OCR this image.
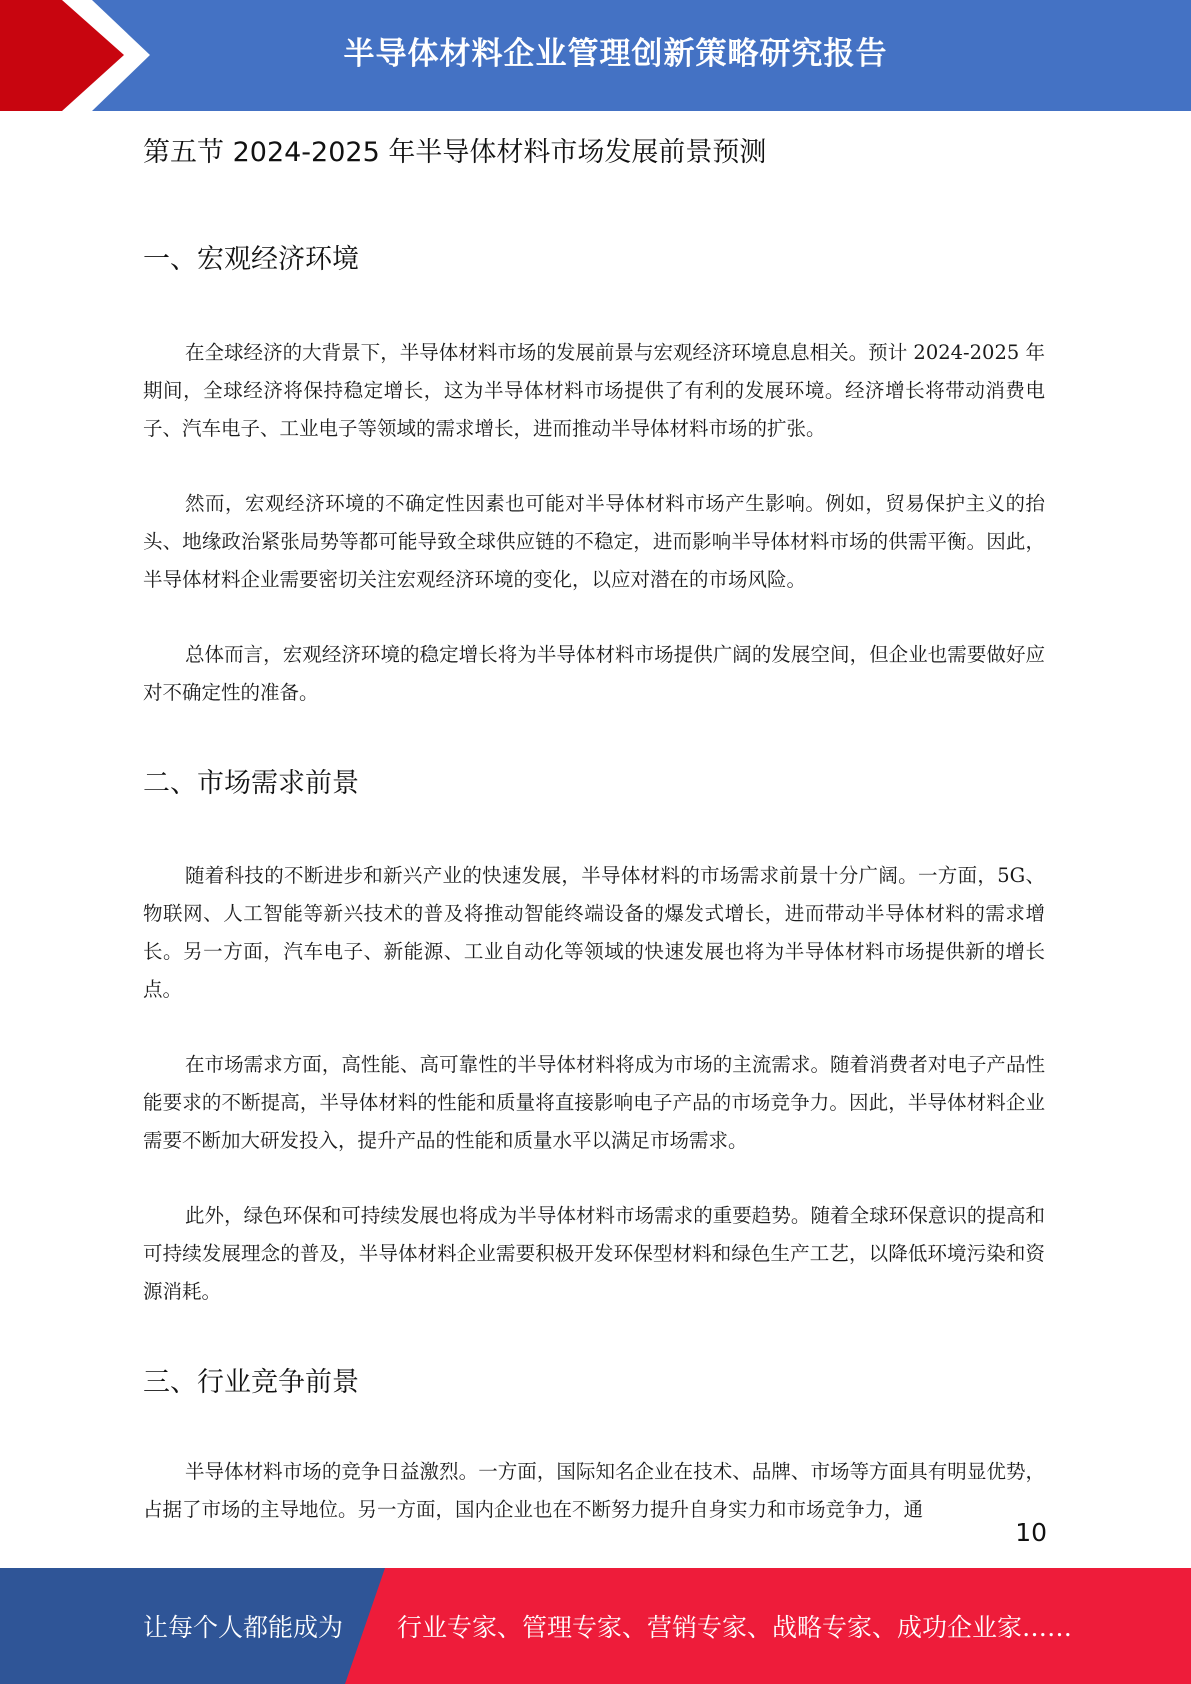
半导体材料企业管理创新策略研究报告
第五节 2024-2025 年半导体材料市场发展前景预测
一、宏观经济环境

在全球经济的大背景下，半导体材料市场的发展前景与宏观经济环境息息相关。预计 2024-2025 年期间，全球经济将保持稳定增长，这为半导体材料市场提供了有利的发展环境。经济增长将带动消费电子、汽车电子、工业电子等领域的需求增长，进而推动半导体材料市场的扩张。

然而，宏观经济环境的不确定性因素也可能对半导体材料市场产生影响。例如，贸易保护主义的抬头、地缘政治紧张局势等都可能导致全球供应链的不稳定，进而影响半导体材料市场的供需平衡。因此，半导体材料企业需要密切关注宏观经济环境的变化，以应对潜在的市场风险。

总体而言，宏观经济环境的稳定增长将为半导体材料市场提供广阔的发展空间，但企业也需要做好应对不确定性的准备。

二、市场需求前景

随着科技的不断进步和新兴产业的快速发展，半导体材料的市场需求前景十分广阔。一方面，5G、物联网、人工智能等新兴技术的普及将推动智能终端设备的爆发式增长，进而带动半导体材料的需求增长。另一方面，汽车电子、新能源、工业自动化等领域的快速发展也将为半导体材料市场提供新的增长点。

在市场需求方面，高性能、高可靠性的半导体材料将成为市场的主流需求。随着消费者对电子产品性能要求的不断提高，半导体材料的性能和质量将直接影响电子产品的市场竞争力。因此，半导体材料企业需要不断加大研发投入，提升产品的性能和质量水平以满足市场需求。

此外，绿色环保和可持续发展也将成为半导体材料市场需求的重要趋势。随着全球环保意识的提高和可持续发展理念的普及，半导体材料企业需要积极开发环保型材料和绿色生产工艺，以降低环境污染和资源消耗。

三、行业竞争前景

半导体材料市场的竞争日益激烈。一方面，国际知名企业在技术、品牌、市场等方面具有明显优势，占据了市场的主导地位。另一方面，国内企业也在不断努力提升自身实力和市场竞争力，通

10
让每个人都能成为 行业专家、管理专家、营销专家、战略专家、成功企业家……
